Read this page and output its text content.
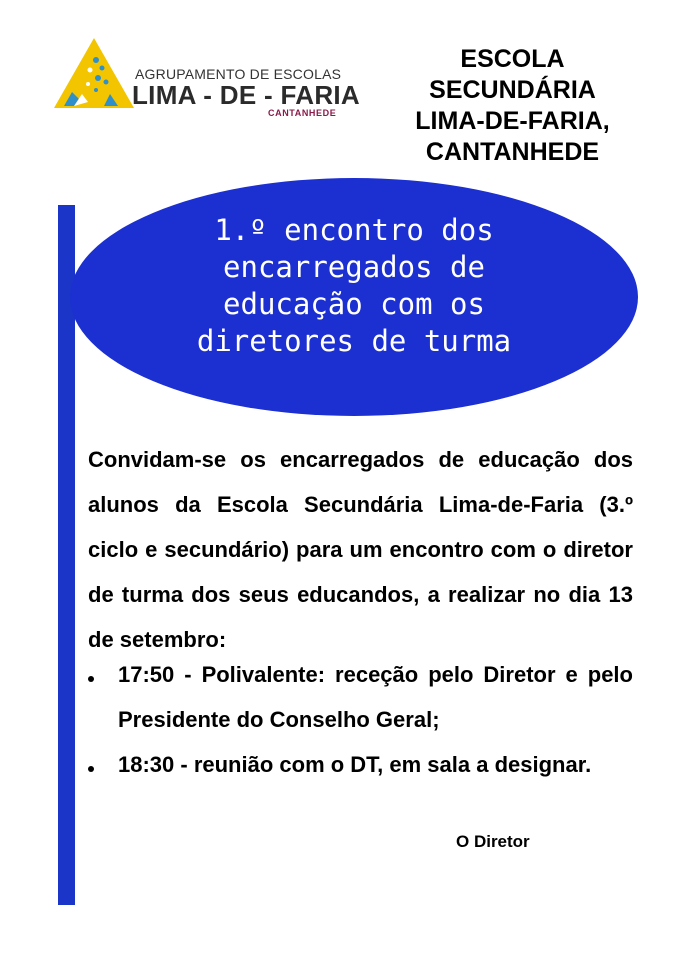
AGRUPAMENTO DE ESCOLAS
LIMA - DE - FARIA
CANTANHEDE
ESCOLA
SECUNDÁRIA
LIMA-DE-FARIA,
CANTANHEDE
1.º encontro dos
encarregados de
educação com os
diretores de turma
Convidam-se os encarregados de educação dos alunos da Escola Secundária Lima-de-Faria (3.º ciclo e secundário) para um encontro com o diretor de turma dos seus educandos, a realizar no dia 13 de setembro:
17:50 - Polivalente: receção pelo Diretor e pelo Presidente do Conselho Geral;
18:30 - reunião com o DT, em sala a designar.
O Diretor
